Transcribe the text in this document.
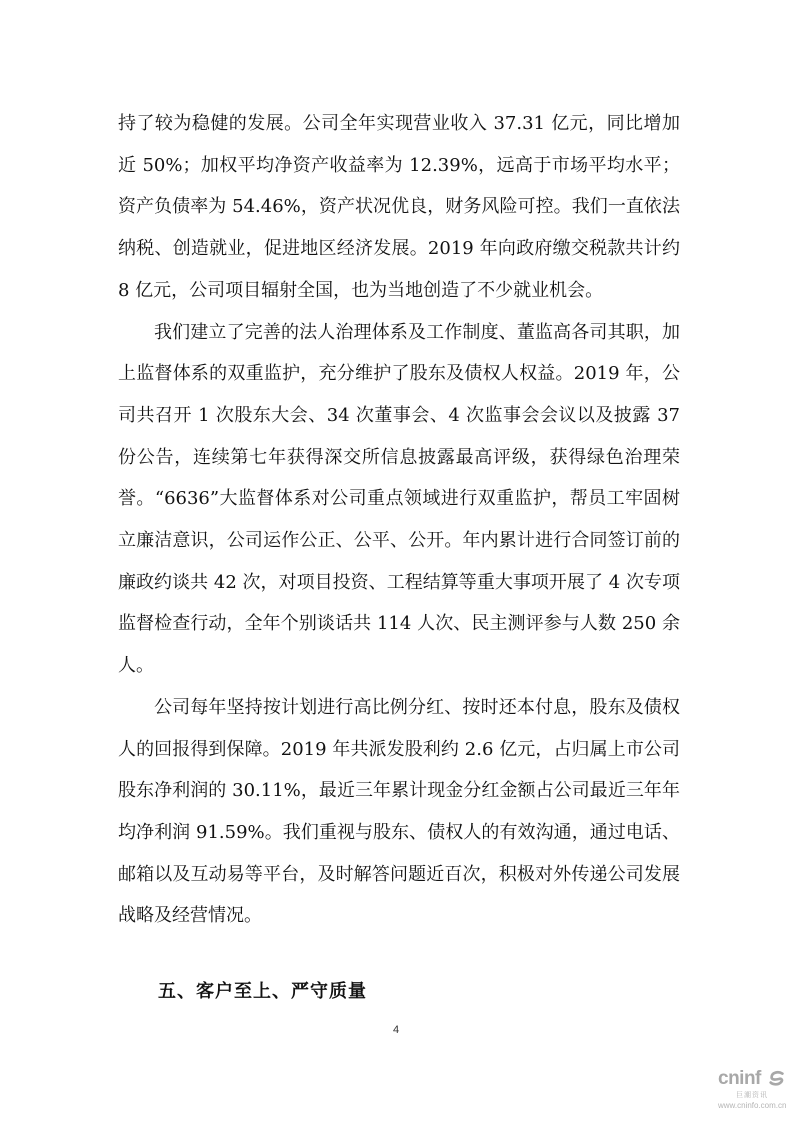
持了较为稳健的发展。公司全年实现营业收入 37.31 亿元，同比增加近 50%；加权平均净资产收益率为 12.39%，远高于市场平均水平；资产负债率为 54.46%，资产状况优良，财务风险可控。我们一直依法纳税、创造就业，促进地区经济发展。2019 年向政府缴交税款共计约 8 亿元，公司项目辐射全国，也为当地创造了不少就业机会。

我们建立了完善的法人治理体系及工作制度、董监高各司其职，加上监督体系的双重监护，充分维护了股东及债权人权益。2019 年，公司共召开 1 次股东大会、34 次董事会、4 次监事会会议以及披露 37 份公告，连续第七年获得深交所信息披露最高评级，获得绿色治理荣誉。“6636”大监督体系对公司重点领域进行双重监护，帮员工牢固树立廉洁意识，公司运作公正、公平、公开。年内累计进行合同签订前的廉政约谈共 42 次，对项目投资、工程结算等重大事项开展了 4 次专项监督检查行动，全年个别谈话共 114 人次、民主测评参与人数 250 余人。

公司每年坚持按计划进行高比例分红、按时还本付息，股东及债权人的回报得到保障。2019 年共派发股利约 2.6 亿元，占归属上市公司股东净利润的 30.11%，最近三年累计现金分红金额占公司最近三年年均净利润 91.59%。我们重视与股东、债权人的有效沟通，通过电话、邮箱以及互动易等平台，及时解答问题近百次，积极对外传递公司发展战略及经营情况。

五、客户至上、严守质量
4
cninf
巨潮资讯
www.cninfo.com.cn
